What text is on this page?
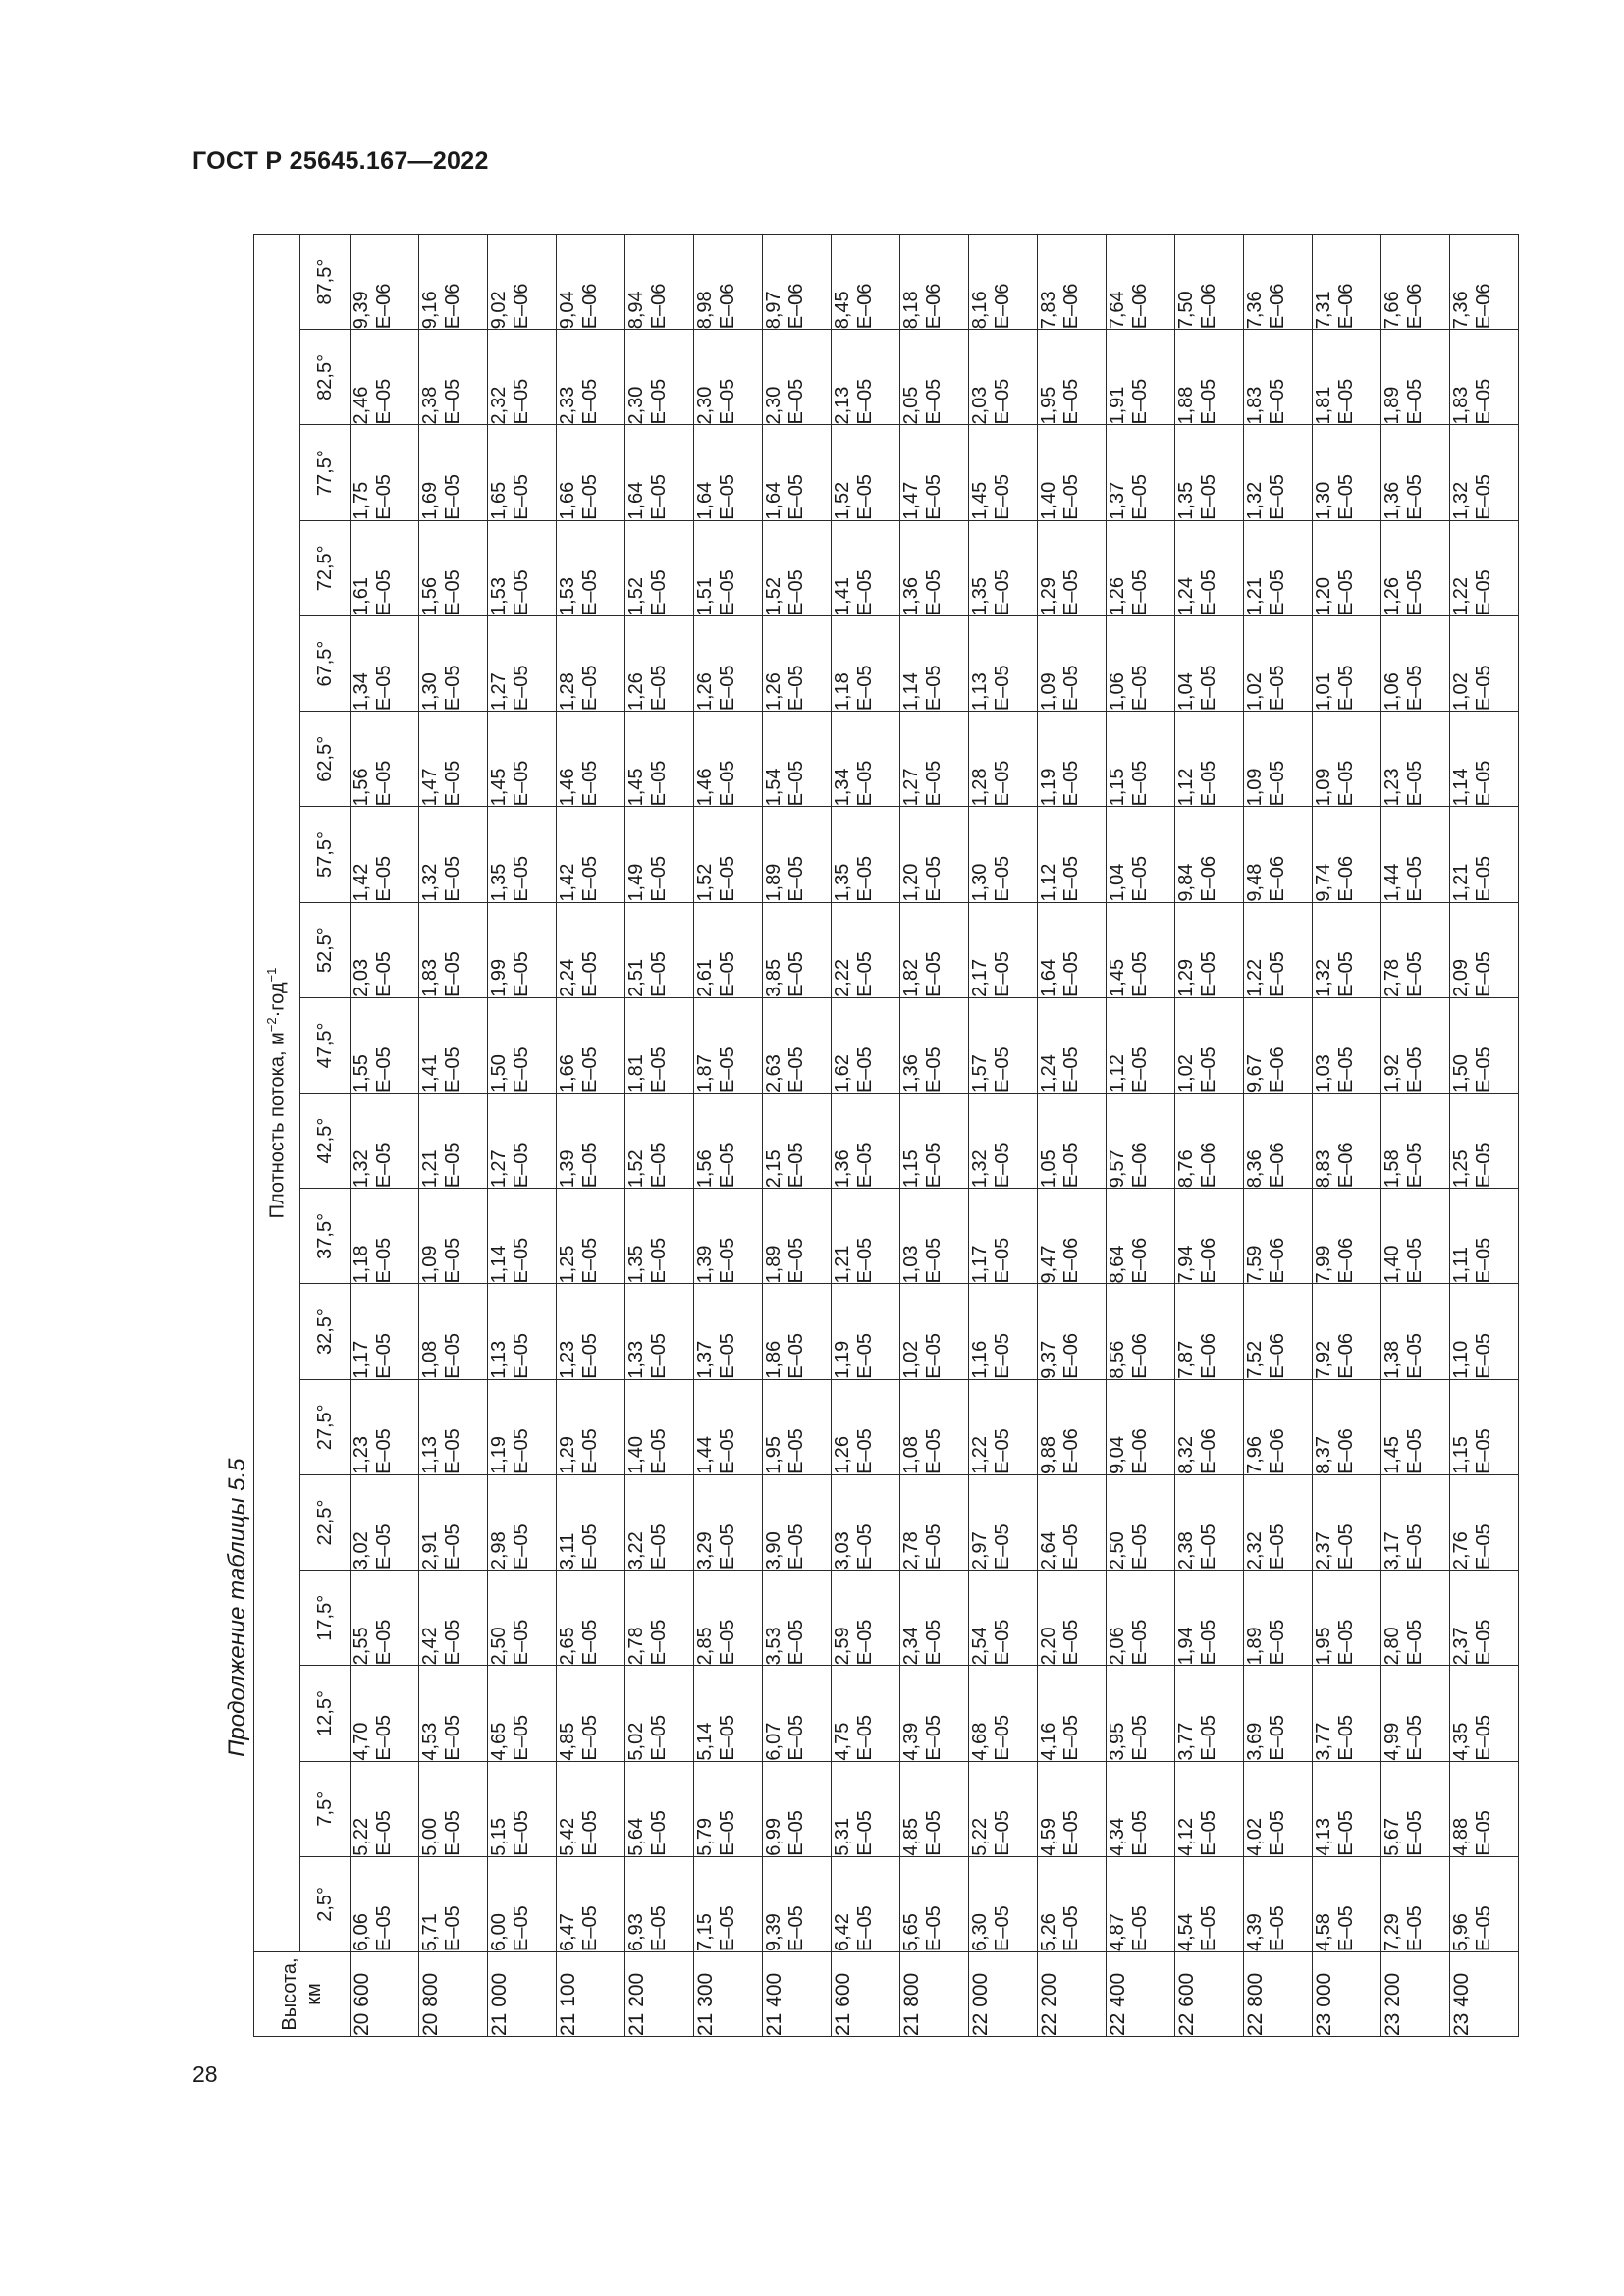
ГОСТ Р 25645.167—2022
28
Продолжение таблицы 5.5
Высота, км	Плотность потока, $м^{-2}\cdot год^{-1}$
	2,5°	7,5°	12,5°	17,5°	22,5°	27,5°	32,5°	37,5°	42,5°	47,5°	52,5°	57,5°	62,5°	67,5°	72,5°	77,5°	82,5°	87,5°
20 600	6,06 E–05	5,22 E–05	4,70 E–05	2,55 E–05	3,02 E–05	1,23 E–05	1,17 E–05	1,18 E–05	1,32 E–05	1,55 E–05	2,03 E–05	1,42 E–05	1,56 E–05	1,34 E–05	1,61 E–05	1,75 E–05	2,46 E–05	9,39 E–06

20 800	5,71 E–05	5,00 E–05	4,53 E–05	2,42 E–05	2,91 E–05	1,13 E–05	1,08 E–05	1,09 E–05	1,21 E–05	1,41 E–05	1,83 E–05	1,32 E–05	1,47 E–05	1,30 E–05	1,56 E–05	1,69 E–05	2,38 E–05	9,16 E–06

21 000	6,00 E–05	5,15 E–05	4,65 E–05	2,50 E–05	2,98 E–05	1,19 E–05	1,13 E–05	1,14 E–05	1,27 E–05	1,50 E–05	1,99 E–05	1,35 E–05	1,45 E–05	1,27 E–05	1,53 E–05	1,65 E–05	2,32 E–05	9,02 E–06

21 100	6,47 E–05	5,42 E–05	4,85 E–05	2,65 E–05	3,11 E–05	1,29 E–05	1,23 E–05	1,25 E–05	1,39 E–05	1,66 E–05	2,24 E–05	1,42 E–05	1,46 E–05	1,28 E–05	1,53 E–05	1,66 E–05	2,33 E–05	9,04 E–06

21 200	6,93 E–05	5,64 E–05	5,02 E–05	2,78 E–05	3,22 E–05	1,40 E–05	1,33 E–05	1,35 E–05	1,52 E–05	1,81 E–05	2,51 E–05	1,49 E–05	1,45 E–05	1,26 E–05	1,52 E–05	1,64 E–05	2,30 E–05	8,94 E–06

21 300	7,15 E–05	5,79 E–05	5,14 E–05	2,85 E–05	3,29 E–05	1,44 E–05	1,37 E–05	1,39 E–05	1,56 E–05	1,87 E–05	2,61 E–05	1,52 E–05	1,46 E–05	1,26 E–05	1,51 E–05	1,64 E–05	2,30 E–05	8,98 E–06

21 400	9,39 E–05	6,99 E–05	6,07 E–05	3,53 E–05	3,90 E–05	1,95 E–05	1,86 E–05	1,89 E–05	2,15 E–05	2,63 E–05	3,85 E–05	1,89 E–05	1,54 E–05	1,26 E–05	1,52 E–05	1,64 E–05	2,30 E–05	8,97 E–06

21 600	6,42 E–05	5,31 E–05	4,75 E–05	2,59 E–05	3,03 E–05	1,26 E–05	1,19 E–05	1,21 E–05	1,36 E–05	1,62 E–05	2,22 E–05	1,35 E–05	1,34 E–05	1,18 E–05	1,41 E–05	1,52 E–05	2,13 E–05	8,45 E–06

21 800	5,65 E–05	4,85 E–05	4,39 E–05	2,34 E–05	2,78 E–05	1,08 E–05	1,02 E–05	1,03 E–05	1,15 E–05	1,36 E–05	1,82 E–05	1,20 E–05	1,27 E–05	1,14 E–05	1,36 E–05	1,47 E–05	2,05 E–05	8,18 E–06

22 000	6,30 E–05	5,22 E–05	4,68 E–05	2,54 E–05	2,97 E–05	1,22 E–05	1,16 E–05	1,17 E–05	1,32 E–05	1,57 E–05	2,17 E–05	1,30 E–05	1,28 E–05	1,13 E–05	1,35 E–05	1,45 E–05	2,03 E–05	8,16 E–06

22 200	5,26 E–05	4,59 E–05	4,16 E–05	2,20 E–05	2,64 E–05	9,88 E–06	9,37 E–06	9,47 E–06	1,05 E–05	1,24 E–05	1,64 E–05	1,12 E–05	1,19 E–05	1,09 E–05	1,29 E–05	1,40 E–05	1,95 E–05	7,83 E–06

22 400	4,87 E–05	4,34 E–05	3,95 E–05	2,06 E–05	2,50 E–05	9,04 E–06	8,56 E–06	8,64 E–06	9,57 E–06	1,12 E–05	1,45 E–05	1,04 E–05	1,15 E–05	1,06 E–05	1,26 E–05	1,37 E–05	1,91 E–05	7,64 E–06

22 600	4,54 E–05	4,12 E–05	3,77 E–05	1,94 E–05	2,38 E–05	8,32 E–06	7,87 E–06	7,94 E–06	8,76 E–06	1,02 E–05	1,29 E–05	9,84 E–06	1,12 E–05	1,04 E–05	1,24 E–05	1,35 E–05	1,88 E–05	7,50 E–06

22 800	4,39 E–05	4,02 E–05	3,69 E–05	1,89 E–05	2,32 E–05	7,96 E–06	7,52 E–06	7,59 E–06	8,36 E–06	9,67 E–06	1,22 E–05	9,48 E–06	1,09 E–05	1,02 E–05	1,21 E–05	1,32 E–05	1,83 E–05	7,36 E–06

23 000	4,58 E–05	4,13 E–05	3,77 E–05	1,95 E–05	2,37 E–05	8,37 E–06	7,92 E–06	7,99 E–06	8,83 E–06	1,03 E–05	1,32 E–05	9,74 E–06	1,09 E–05	1,01 E–05	1,20 E–05	1,30 E–05	1,81 E–05	7,31 E–06

23 200	7,29 E–05	5,67 E–05	4,99 E–05	2,80 E–05	3,17 E–05	1,45 E–05	1,38 E–05	1,40 E–05	1,58 E–05	1,92 E–05	2,78 E–05	1,44 E–05	1,23 E–05	1,06 E–05	1,26 E–05	1,36 E–05	1,89 E–05	7,66 E–06

23 400	5,96 E–05	4,88 E–05	4,35 E–05	2,37 E–05	2,76 E–05	1,15 E–05	1,10 E–05	1,11 E–05	1,25 E–05	1,50 E–05	2,09 E–05	1,21 E–05	1,14 E–05	1,02 E–05	1,22 E–05	1,32 E–05	1,83 E–05	7,36 E–06
